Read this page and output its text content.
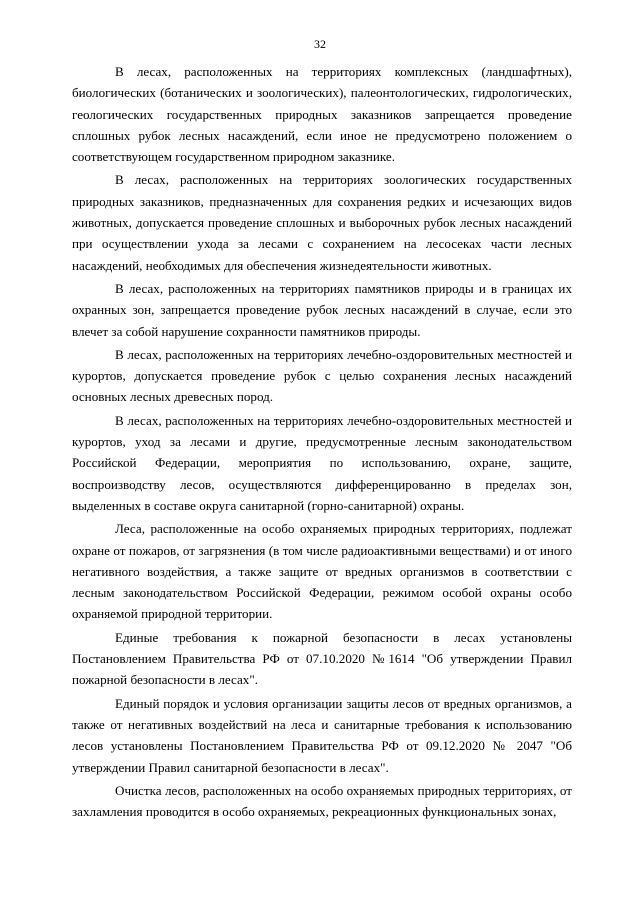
32

В лесах, расположенных на территориях комплексных (ландшафтных), биологических (ботанических и зоологических), палеонтологических, гидрологических, геологических государственных природных заказников запрещается проведение сплошных рубок лесных насаждений, если иное не предусмотрено положением о соответствующем государственном природном заказнике.

В лесах, расположенных на территориях зоологических государственных природных заказников, предназначенных для сохранения редких и исчезающих видов животных, допускается проведение сплошных и выборочных рубок лесных насаждений при осуществлении ухода за лесами с сохранением на лесосеках части лесных насаждений, необходимых для обеспечения жизнедеятельности животных.

В лесах, расположенных на территориях памятников природы и в границах их охранных зон, запрещается проведение рубок лесных насаждений в случае, если это влечет за собой нарушение сохранности памятников природы.

В лесах, расположенных на территориях лечебно-оздоровительных местностей и курортов, допускается проведение рубок с целью сохранения лесных насаждений основных лесных древесных пород.

В лесах, расположенных на территориях лечебно-оздоровительных местностей и курортов, уход за лесами и другие, предусмотренные лесным законодательством Российской Федерации, мероприятия по использованию, охране, защите, воспроизводству лесов, осуществляются дифференцированно в пределах зон, выделенных в составе округа санитарной (горно-санитарной) охраны.

Леса, расположенные на особо охраняемых природных территориях, подлежат охране от пожаров, от загрязнения (в том числе радиоактивными веществами) и от иного негативного воздействия, а также защите от вредных организмов в соответствии с лесным законодательством Российской Федерации, режимом особой охраны особо охраняемой природной территории.

Единые требования к пожарной безопасности в лесах установлены Постановлением Правительства РФ от 07.10.2020 №1614 "Об утверждении Правил пожарной безопасности в лесах".

Единый порядок и условия организации защиты лесов от вредных организмов, а также от негативных воздействий на леса и санитарные требования к использованию лесов установлены Постановлением Правительства РФ от 09.12.2020 № 2047 "Об утверждении Правил санитарной безопасности в лесах".

Очистка лесов, расположенных на особо охраняемых природных территориях, от захламления проводится в особо охраняемых, рекреационных функциональных зонах,
